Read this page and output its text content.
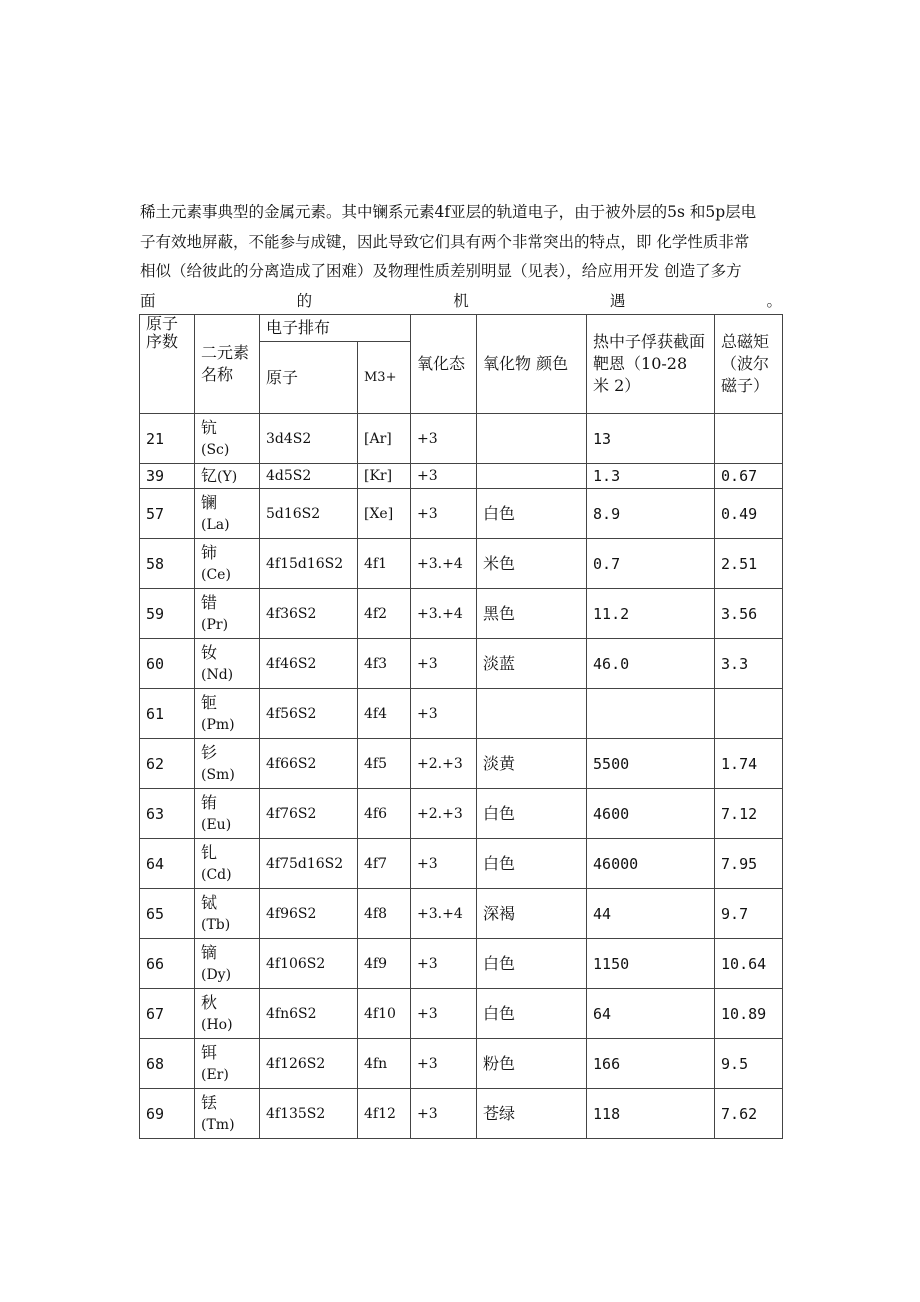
稀土元素事典型的金属元素。其中镧系元素4f亚层的轨道电子，由于被外层的5s 和5p层电
子有效地屏蔽，不能参与成键，因此导致它们具有两个非常突出的特点，即 化学性质非常
相似（给彼此的分离造成了困难）及物理性质差别明显（见表），给应用开发 创造了多方
面	的	机	遇	。
原子序数	二元素名称	电子排布		氧化态	氧化物 颜色	热中子俘获截面靶恩（10-28 米 2）	总磁矩（波尔磁子）
		原子	M3+				
21	钪
(Sc)	3d4S2	[Ar]	+3		13	
39	钇(Y)	4d5S2	[Kr]	+3		1.3	0.67
57	镧
(La)	5d16S2	[Xe]	+3	白色	8.9	0.49
58	铈
(Ce)	4f15d16S2	4f1	+3.+4	米色	0.7	2.51
59	错
(Pr)	4f36S2	4f2	+3.+4	黑色	11.2	3.56
60	钕
(Nd)	4f46S2	4f3	+3	淡蓝	46.0	3.3
61	钷
(Pm)	4f56S2	4f4	+3			
62	钐
(Sm)	4f66S2	4f5	+2.+3	淡黄	5500	1.74
63	铕
(Eu)	4f76S2	4f6	+2.+3	白色	4600	7.12
64	钆
(Cd)	4f75d16S2	4f7	+3	白色	46000	7.95
65	铽
(Tb)	4f96S2	4f8	+3.+4	深褐	44	9.7
66	镝
(Dy)	4f106S2	4f9	+3	白色	1150	10.64
67	秋
(Ho)	4fn6S2	4f10	+3	白色	64	10.89
68	铒
(Er)	4f126S2	4fn	+3	粉色	166	9.5
69	铥
(Tm)	4f135S2	4f12	+3	苍绿	118	7.62
